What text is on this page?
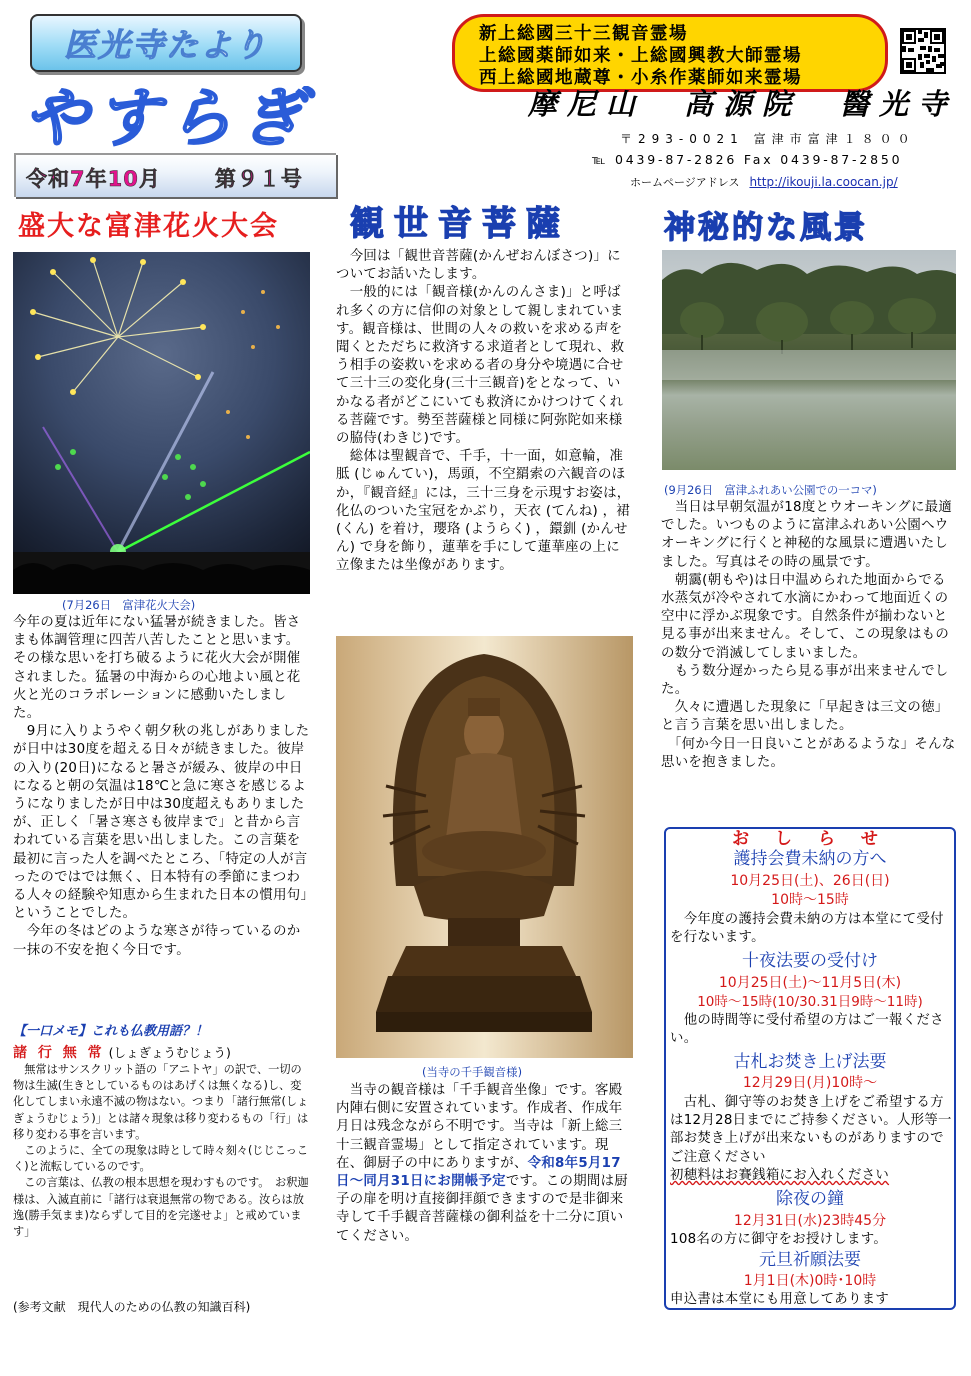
医光寺たより
やすらぎ
新上総國三十三観音霊場
上総國薬師如来・上総國興教大師霊場
西上総國地蔵尊・小糸作薬師如来霊場
摩尼山　高源院　醫光寺
〒293-0021 富津市富津１８００
℡ 0439-87-2826 Fax 0439-87-2850
ホームページアドレス http://ikouji.la.coocan.jp/
令和7年10月	第９１号
盛大な富津花火大会
(7月26日　富津花火大会)

今年の夏は近年にない猛暑が続きました。皆さまも体調管理に四苦八苦したことと思います。その様な思いを打ち破るように花火大会が開催されました。猛暑の中海からの心地よい風と花火と光のコラボレーションに感動いたしました。

　9月に入りようやく朝夕秋の兆しがありましたが日中は30度を超える日々が続きました。彼岸の入り(20日)になると暑さが緩み、彼岸の中日になると朝の気温は18℃と急に寒さを感じるようになりましたが日中は30度超えもありましたが、正しく「暑さ寒さも彼岸まで」と昔から言われている言葉を思い出しました。この言葉を最初に言った人を調べたところ、「特定の人が言ったのではでは無く、日本特有の季節にまつわる人々の経験や知恵から生まれた日本の慣用句」ということでした。

　今年の冬はどのような寒さが待っているのか一抹の不安を抱く今日です。

【一口メモ】これも仏教用語？！
諸 行 無 常 (しょぎょうむじょう)

　無常はサンスクリット語の「アニトヤ」の訳で、一切の物は生滅(生きとしているものはあげくは無くなる)し、変化してしまい永遠不滅の物はない。つまり「諸行無常(しょぎょうむじょう)」とは諸々現象は移り変わるもの「行」は移り変わる事を言います。

　このように、全ての現象は時として時々刻々(じじこっこく)と流転しているのです。

　この言葉は、仏教の根本思想を現わすものです。　お釈迦様は、入滅直前に「諸行は衰退無常の物である。汝らは放逸(勝手気まま)ならずして目的を完遂せよ」と戒めています」

(参考文献　現代人のための仏教の知識百科)
観世音菩薩

　今回は「観世音菩薩(かんぜおんぼさつ)」についてお話いたします。

　一般的には「観音様(かんのんさま)」と呼ばれ多くの方に信仰の対象として親しまれています。観音様は、世間の人々の救いを求める声を聞くとただちに救済する求道者として現れ、救う相手の姿救いを求める者の身分や境遇に合せて三十三の変化身(三十三観音)をとなって、いかなる者がどこにいても救済にかけつけてくれる菩薩です。勢至菩薩様と同様に阿弥陀如来様の脇侍(わきじ)です。

　総体は聖観音で、千手，十一面，如意輪，准胝 (じゅんてい)，馬頭，不空羂索の六観音のほか，『観音経』には，三十三身を示現すお姿は，化仏のついた宝冠をかぶり，天衣 (てんね) ，裙 (くん) を着け，瓔珞 (ようらく) ，鐶釧 (かんせん) で身を飾り，蓮華を手にして蓮華座の上に立像または坐像があります。

(当寺の千手観音様)
　当寺の観音様は「千手観音坐像」です。客殿内陣右側に安置されています。作成者、作成年月日は残念ながら不明です。当寺は「新上総三十三観音霊場」として指定されています。現在、御厨子の中にありますが、令和8年5月17日～同月31日にお開帳予定です。この期間は厨子の扉を明け直接御拝顔できますので是非御来寺して千手観音菩薩様の御利益を十二分に頂いてください。
神秘的な風景
(9月26日　富津ふれあい公園での一コマ)

　当日は早朝気温が18度とウオーキングに最適でした。いつものように富津ふれあい公園へウオーキングに行くと神秘的な風景に遭遇いたしました。写真はその時の風景です。

　朝靄(朝もや)は日中温められた地面からでる水蒸気が冷やされて水滴にかわって地面近くの空中に浮かぶ現象です。自然条件が揃わないと見る事が出来ません。そして、この現象はものの数分で消滅してしまいました。

　もう数分遅かったら見る事が出来ませんでした。

　久々に遭遇した現象に「早起きは三文の徳」と言う言葉を思い出しました。

　「何か今日一日良いことがあるような」そんな思いを抱きました。

お し ら せ
護持会費未納の方へ
10月25日(土)、26日(日)
10時～15時
　今年度の護持会費未納の方は本堂にて受付を行ないます。
十夜法要の受付け
10月25日(土)～11月5日(木)
10時～15時(10/30.31日9時～11時)
　他の時間等に受付希望の方はご一報ください。
古札お焚き上げ法要
12月29日(月)10時～
　古札、御守等のお焚き上げをご希望する方は12月28日までにご持参ください。人形等一部お焚き上げが出来ないものがありますのでご注意ください
初穂料はお賽銭箱にお入れください
除夜の鐘
12月31日(水)23時45分
108名の方に御守をお授けします。
元旦祈願法要
1月1日(木)0時･10時
申込書は本堂にも用意してあります
